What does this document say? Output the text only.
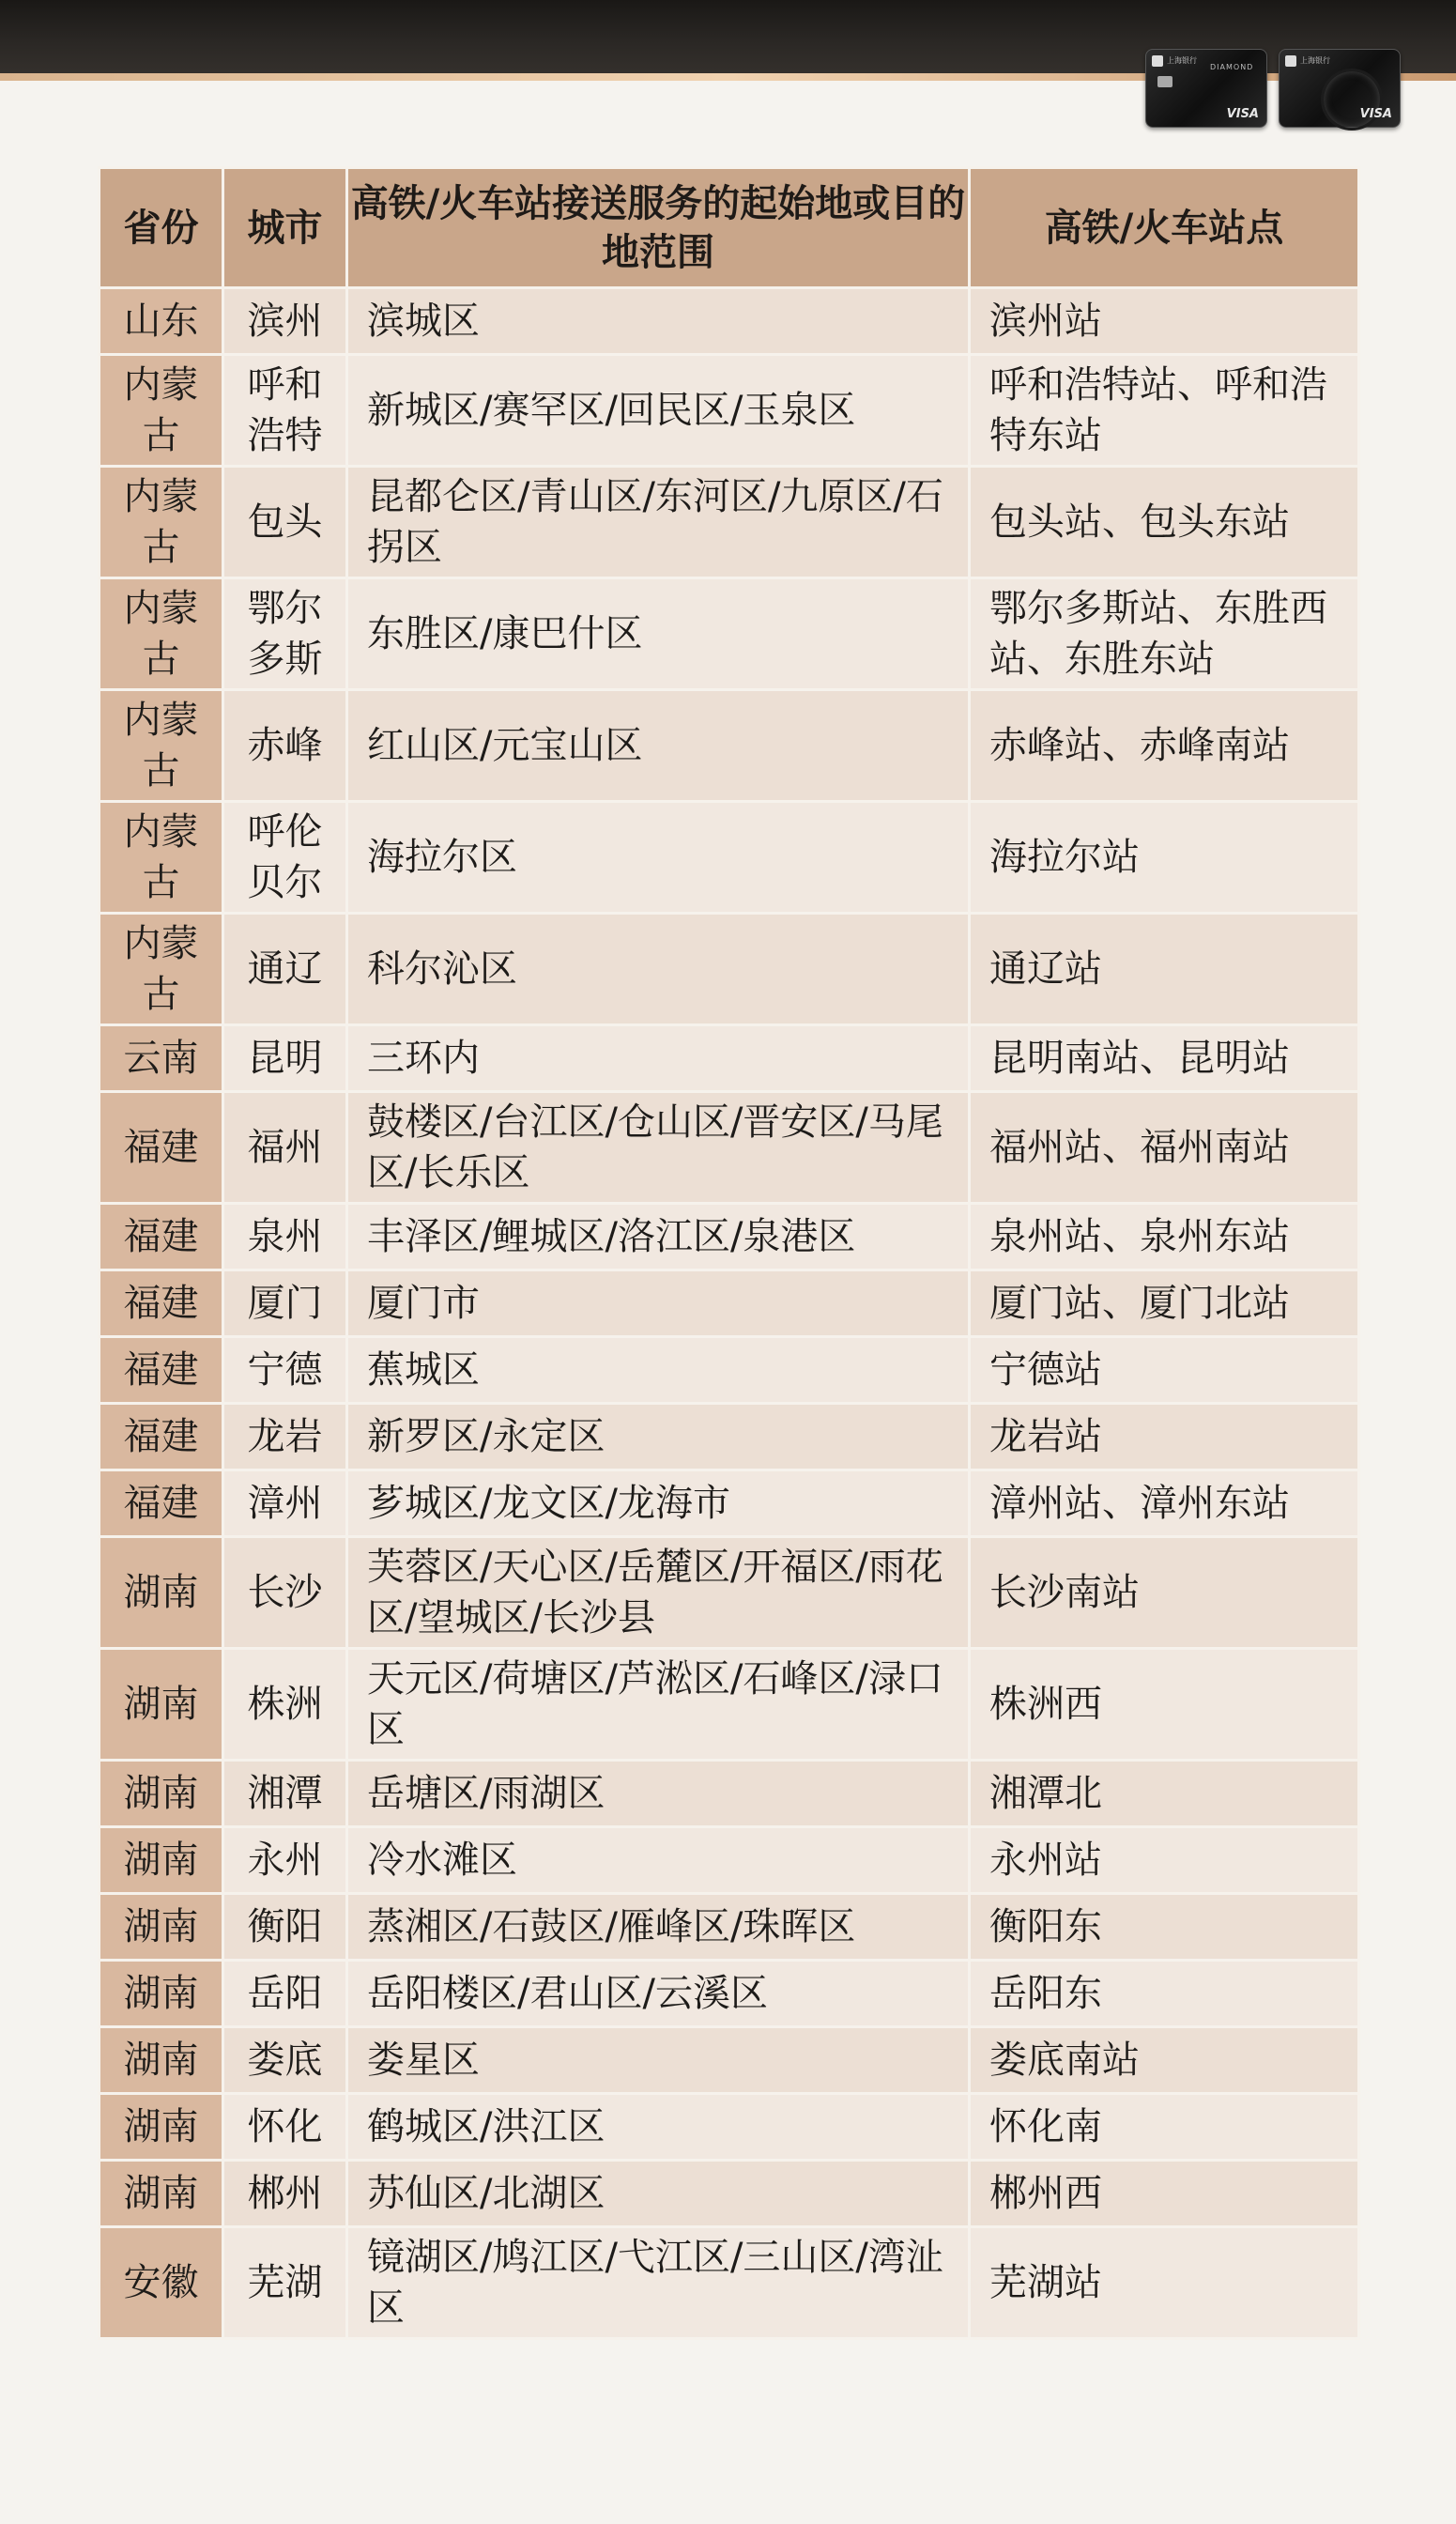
上海银行
DIAMOND
VISA
上海银行
VISA
省份	城市	高铁/火车站接送服务的起始地或目的地范围	高铁/火车站点
山东	滨州	滨城区	滨州站
内蒙古	呼和浩特	新城区/赛罕区/回民区/玉泉区	呼和浩特站、呼和浩特东站
内蒙古	包头	昆都仑区/青山区/东河区/九原区/石拐区	包头站、包头东站
内蒙古	鄂尔多斯	东胜区/康巴什区	鄂尔多斯站、东胜西站、东胜东站
内蒙古	赤峰	红山区/元宝山区	赤峰站、赤峰南站
内蒙古	呼伦贝尔	海拉尔区	海拉尔站
内蒙古	通辽	科尔沁区	通辽站
云南	昆明	三环内	昆明南站、昆明站
福建	福州	鼓楼区/台江区/仓山区/晋安区/马尾区/长乐区	福州站、福州南站
福建	泉州	丰泽区/鲤城区/洛江区/泉港区	泉州站、泉州东站
福建	厦门	厦门市	厦门站、厦门北站
福建	宁德	蕉城区	宁德站
福建	龙岩	新罗区/永定区	龙岩站
福建	漳州	芗城区/龙文区/龙海市	漳州站、漳州东站
湖南	长沙	芙蓉区/天心区/岳麓区/开福区/雨花区/望城区/长沙县	长沙南站
湖南	株洲	天元区/荷塘区/芦淞区/石峰区/渌口区	株洲西
湖南	湘潭	岳塘区/雨湖区	湘潭北
湖南	永州	冷水滩区	永州站
湖南	衡阳	蒸湘区/石鼓区/雁峰区/珠晖区	衡阳东
湖南	岳阳	岳阳楼区/君山区/云溪区	岳阳东
湖南	娄底	娄星区	娄底南站
湖南	怀化	鹤城区/洪江区	怀化南
湖南	郴州	苏仙区/北湖区	郴州西
安徽	芜湖	镜湖区/鸠江区/弋江区/三山区/湾沚区	芜湖站
